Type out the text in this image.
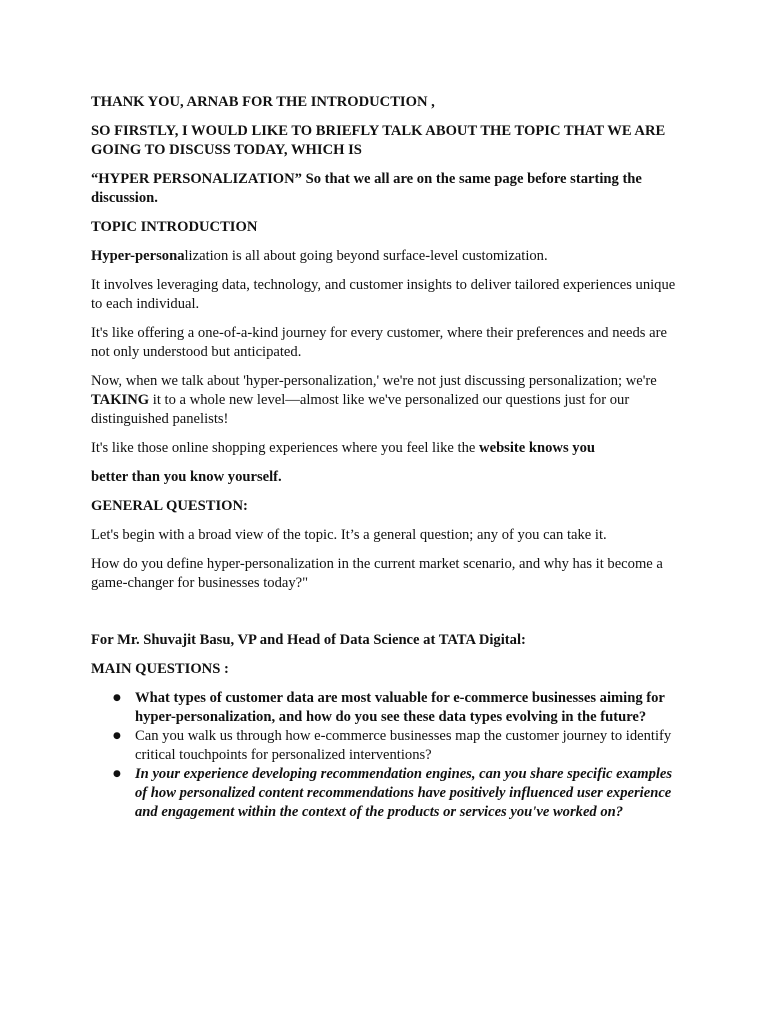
THANK YOU, ARNAB FOR THE INTRODUCTION ,

SO FIRSTLY, I WOULD LIKE TO BRIEFLY TALK ABOUT THE TOPIC THAT WE ARE GOING TO DISCUSS TODAY, WHICH IS

“HYPER PERSONALIZATION” So that we all are on the same page before starting the discussion.

TOPIC INTRODUCTION

Hyper-personalization is all about going beyond surface-level customization.

It involves leveraging data, technology, and customer insights to deliver tailored experiences unique to each individual.

It's like offering a one-of-a-kind journey for every customer, where their preferences and needs are not only understood but anticipated.

Now, when we talk about 'hyper-personalization,' we're not just discussing personalization; we're TAKING it to a whole new level—almost like we've personalized our questions just for our distinguished panelists!

It's like those online shopping experiences where you feel like the website knows you

better than you know yourself.

GENERAL QUESTION:

Let's begin with a broad view of the topic. It’s a general question; any of you can take it.

How do you define hyper-personalization in the current market scenario, and why has it become a game-changer for businesses today?"

For Mr. Shuvajit Basu, VP and Head of Data Science at TATA Digital:

MAIN QUESTIONS :

● What types of customer data are most valuable for e-commerce businesses aiming for hyper-personalization, and how do you see these data types evolving in the future?
● Can you walk us through how e-commerce businesses map the customer journey to identify critical touchpoints for personalized interventions?
● In your experience developing recommendation engines, can you share specific examples of how personalized content recommendations have positively influenced user experience and engagement within the context of the products or services you've worked on?
